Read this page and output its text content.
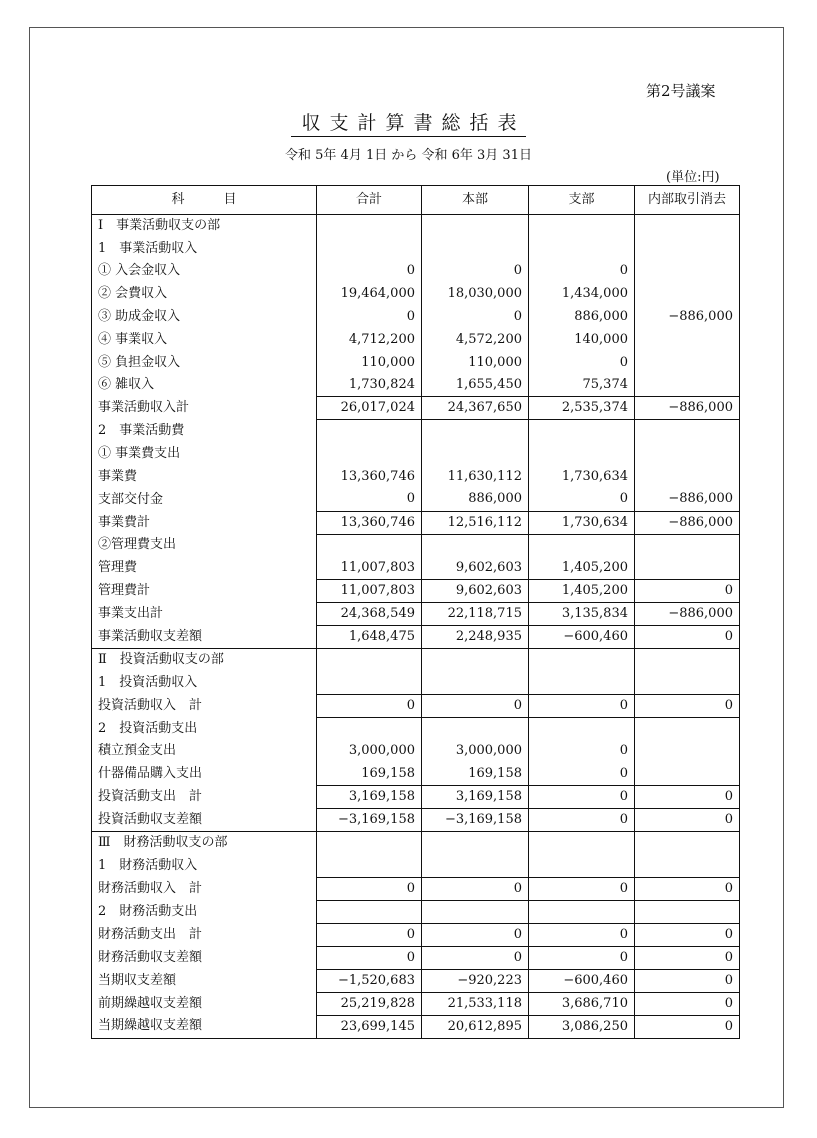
第2号議案
収支計算書総括表
令和 5年 4月 1日 から 令和 6年 3月 31日
(単位:円)
科　　　目	合計	本部	支部	内部取引消去
Ⅰ　事業活動収支の部				
1　事業活動収入				
① 入会金収入	0	0	0	
② 会費収入	19,464,000	18,030,000	1,434,000	
③ 助成金収入	0	0	886,000	−886,000
④ 事業収入	4,712,200	4,572,200	140,000	
⑤ 負担金収入	110,000	110,000	0	
⑥ 雑収入	1,730,824	1,655,450	75,374	
事業活動収入計	26,017,024	24,367,650	2,535,374	−886,000
2　事業活動費				
① 事業費支出				
事業費	13,360,746	11,630,112	1,730,634	
支部交付金	0	886,000	0	−886,000
事業費計	13,360,746	12,516,112	1,730,634	−886,000
②管理費支出				
管理費	11,007,803	9,602,603	1,405,200	
管理費計	11,007,803	9,602,603	1,405,200	0
事業支出計	24,368,549	22,118,715	3,135,834	−886,000
事業活動収支差額	1,648,475	2,248,935	−600,460	0
Ⅱ　投資活動収支の部				
1　投資活動収入				
投資活動収入　計	0	0	0	0
2　投資活動支出				
積立預金支出	3,000,000	3,000,000	0	
什器備品購入支出	169,158	169,158	0	
投資活動支出　計	3,169,158	3,169,158	0	0
投資活動収支差額	−3,169,158	−3,169,158	0	0
Ⅲ　財務活動収支の部				
1　財務活動収入				
財務活動収入　計	0	0	0	0
2　財務活動支出				
財務活動支出　計	0	0	0	0
財務活動収支差額	0	0	0	0
当期収支差額	−1,520,683	−920,223	−600,460	0
前期繰越収支差額	25,219,828	21,533,118	3,686,710	0
当期繰越収支差額	23,699,145	20,612,895	3,086,250	0
